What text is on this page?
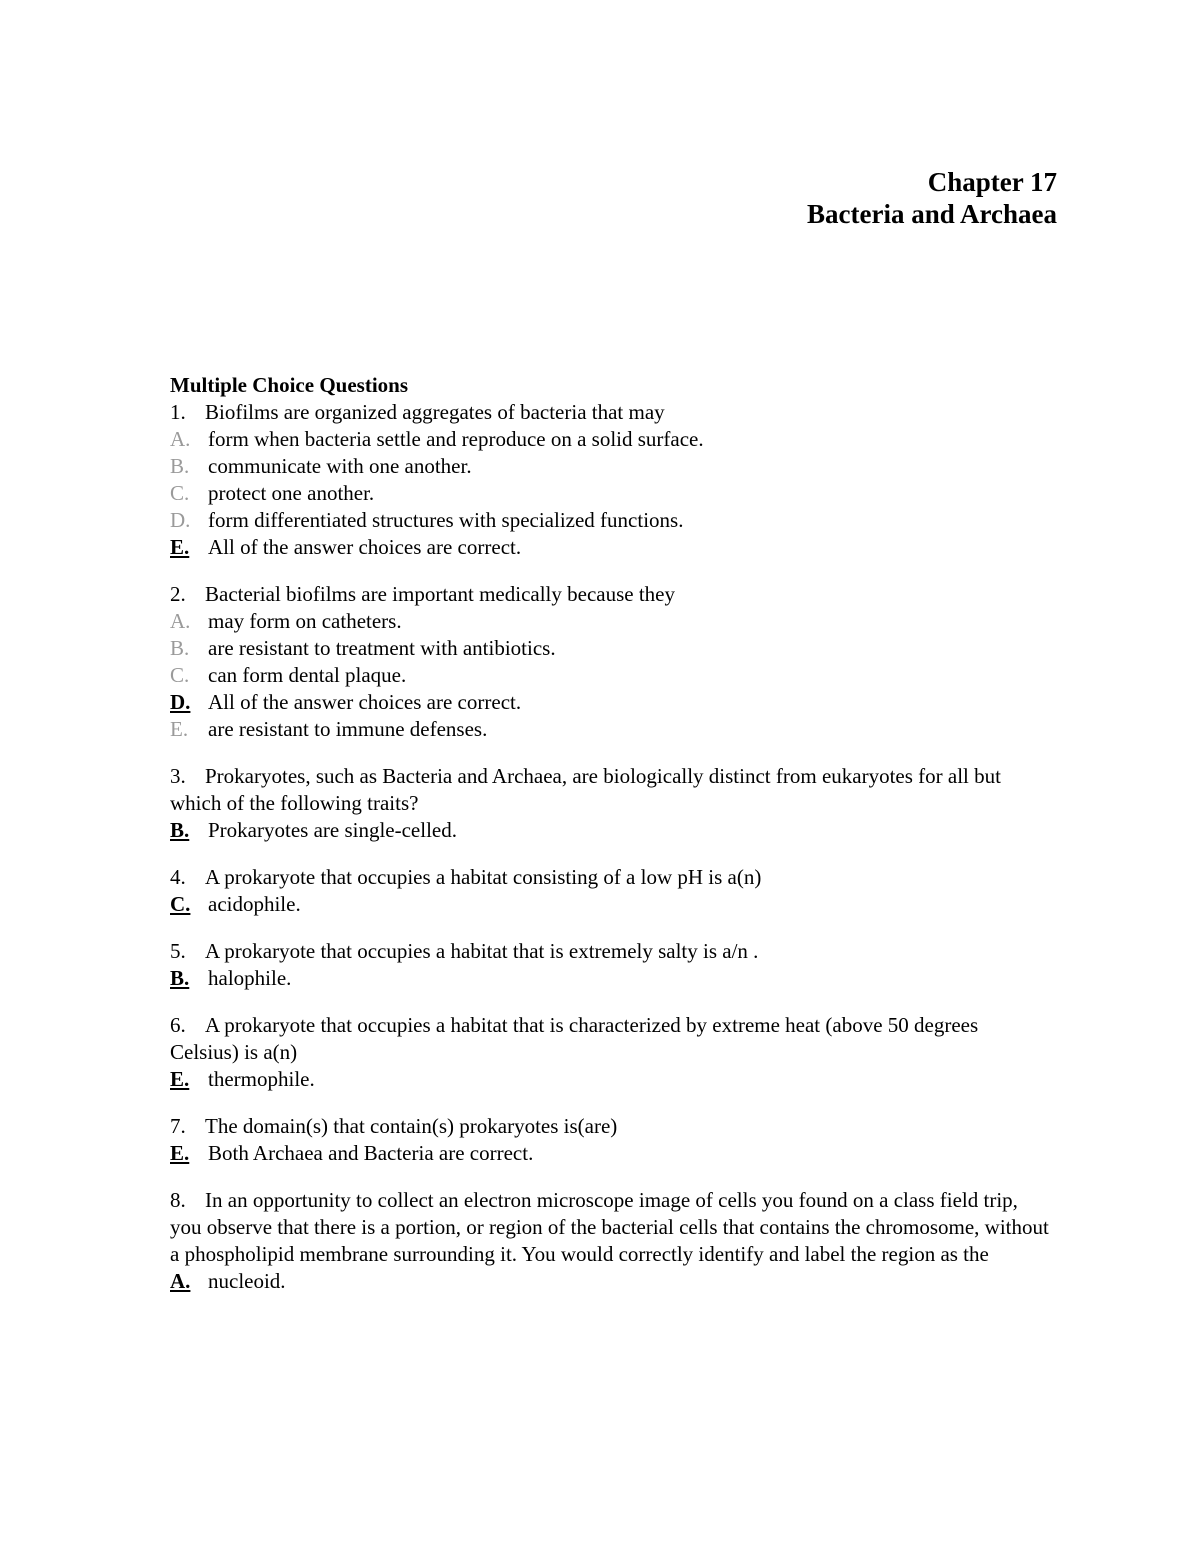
Chapter 17
Bacteria and Archaea

Multiple Choice Questions

1. Biofilms are organized aggregates of bacteria that may

A. form when bacteria settle and reproduce on a solid surface.

B. communicate with one another.

C. protect one another.

D. form differentiated structures with specialized functions.

E. All of the answer choices are correct.

2. Bacterial biofilms are important medically because they

A. may form on catheters.

B. are resistant to treatment with antibiotics.

C. can form dental plaque.

D. All of the answer choices are correct.

E. are resistant to immune defenses.

3. Prokaryotes, such as Bacteria and Archaea, are biologically distinct from eukaryotes for all but which of the following traits?

B. Prokaryotes are single-celled.

4. A prokaryote that occupies a habitat consisting of a low pH is a(n)

C. acidophile.

5. A prokaryote that occupies a habitat that is extremely salty is a/n .

B. halophile.

6. A prokaryote that occupies a habitat that is characterized by extreme heat (above 50 degrees Celsius) is a(n)

E. thermophile.

7. The domain(s) that contain(s) prokaryotes is(are)

E. Both Archaea and Bacteria are correct.

8. In an opportunity to collect an electron microscope image of cells you found on a class field trip, you observe that there is a portion, or region of the bacterial cells that contains the chromosome, without a phospholipid membrane surrounding it. You would correctly identify and label the region as the

A. nucleoid.
